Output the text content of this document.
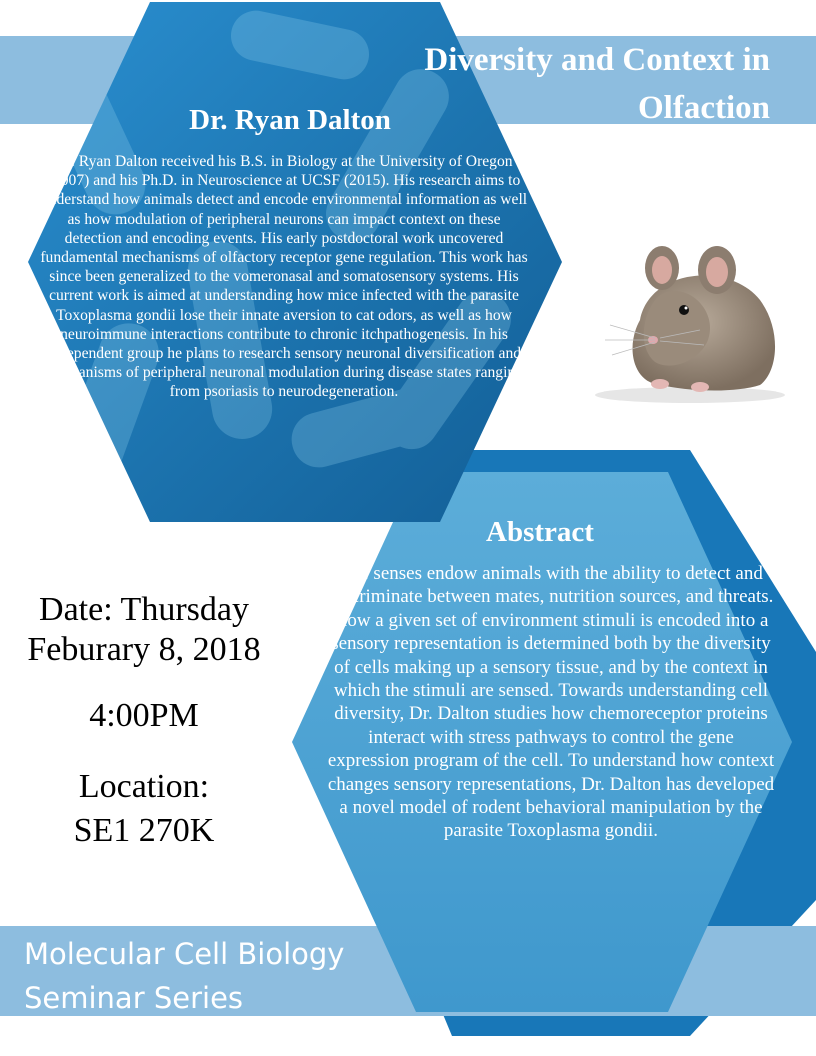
Diversity and Context in
Olfaction
Dr. Ryan Dalton
Dr. Ryan Dalton received his B.S. in Biology at the University of Oregon (2007) and his Ph.D. in Neuroscience at UCSF (2015). His research aims to understand how animals detect and encode environmental information as well as how modulation of peripheral neurons can impact context on these detection and encoding events. His early postdoctoral work uncovered fundamental mechanisms of olfactory receptor gene regulation. This work has since been generalized to the vomeronasal and somatosensory systems. His current work is aimed at understanding how mice infected with the parasite Toxoplasma gondii lose their innate aversion to cat odors, as well as how neuroimmune interactions contribute to chronic itchpathogenesis. In his independent group he plans to research sensory neuronal diversification and mechanisms of peripheral neuronal modulation during disease states ranging from psoriasis to neurodegeneration.
Abstract
The senses endow animals with the ability to detect and discriminate between mates, nutrition sources, and threats. How a given set of environment stimuli is encoded into a sensory representation is determined both by the diversity of cells making up a sensory tissue, and by the context in which the stimuli are sensed. Towards understanding cell diversity, Dr. Dalton studies how chemoreceptor proteins interact with stress pathways to control the gene expression program of the cell. To understand how context changes sensory representations, Dr. Dalton has developed a novel model of rodent behavioral manipulation by the parasite Toxoplasma gondii.
Date: Thursday
Feburary 8, 2018
4:00PM
Location:
SE1 270K
Molecular Cell Biology
Seminar Series
